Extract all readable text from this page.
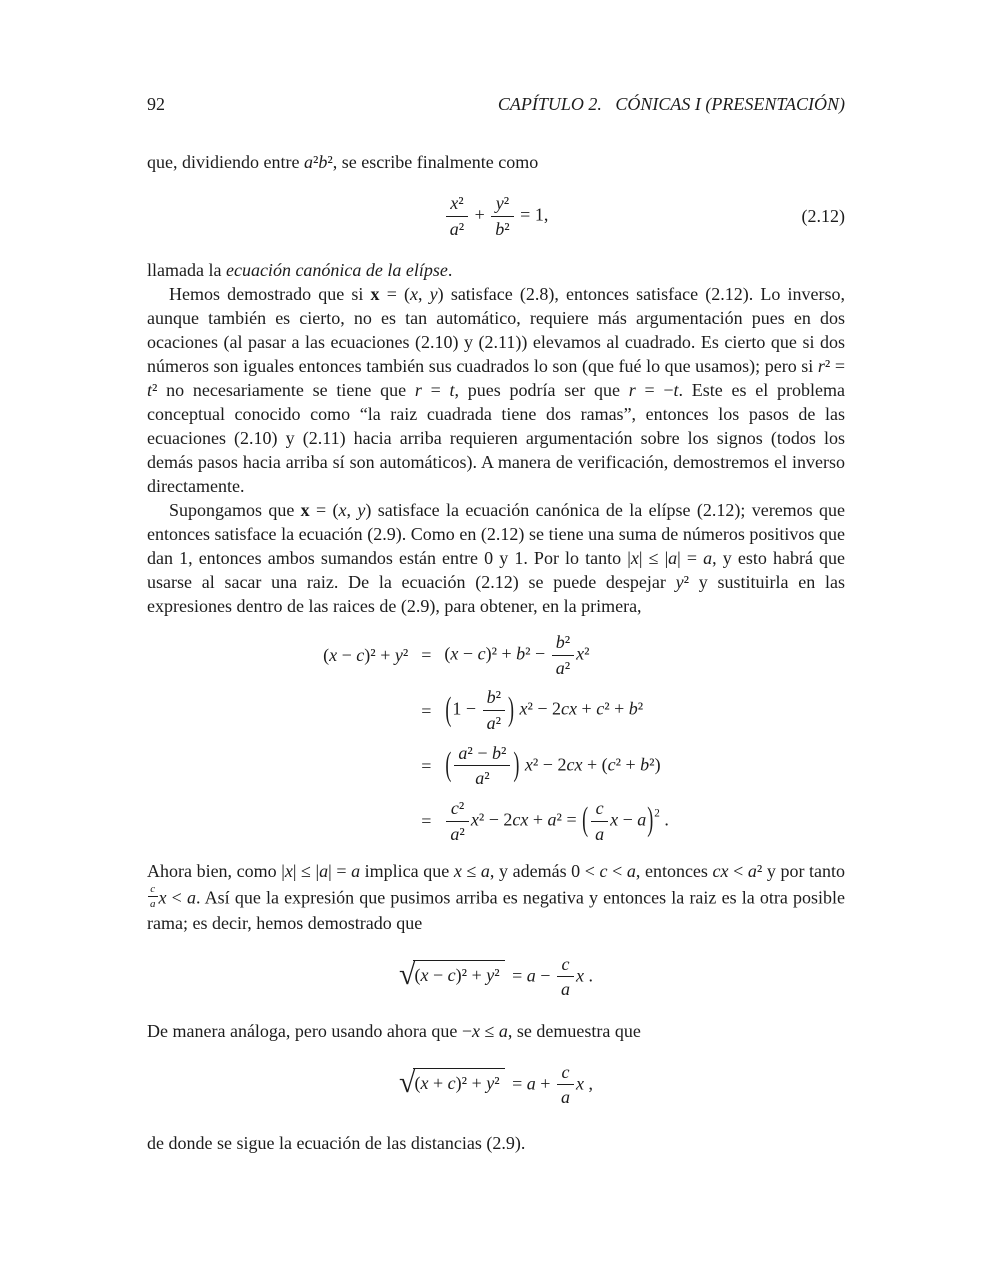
92	CAPÍTULO 2.  CÓNICAS I (PRESENTACIÓN)

que, dividiendo entre a²b², se escribe finalmente como

$\frac{\text{x²}}{\text{a²}} + \frac{\text{y²}}{\text{b²}} = 1$,	(2.12)

llamada la ecuación canónica de la elípse.

Hemos demostrado que si x = (x, y) satisface (2.8), entonces satisface (2.12). Lo inverso, aunque también es cierto, no es tan automático, requiere más argumentación pues en dos ocaciones (al pasar a las ecuaciones (2.10) y (2.11)) elevamos al cuadrado. Es cierto que si dos números son iguales entonces también sus cuadrados lo son (que fué lo que usamos); pero si r² = t² no necesariamente se tiene que r = t, pues podría ser que r = −t. Este es el problema conceptual conocido como “la raiz cuadrada tiene dos ramas”, entonces los pasos de las ecuaciones (2.10) y (2.11) hacia arriba requieren argumentación sobre los signos (todos los demás pasos hacia arriba sí son automáticos). A manera de verificación, demostremos el inverso directamente.

Supongamos que x = (x, y) satisface la ecuación canónica de la elípse (2.12); veremos que entonces satisface la ecuación (2.9). Como en (2.12) se tiene una suma de números positivos que dan 1, entonces ambos sumandos están entre 0 y 1. Por lo tanto |x| ≤ |a| = a, y esto habrá que usarse al sacar una raiz. De la ecuación (2.12) se puede despejar y² y sustituirla en las expresiones dentro de las raices de (2.9), para obtener, en la primera,

$(x - c)^2 + y^2 = (x - c)^2 + b^2 - \frac{\text{b²}}{\text{a²}} x^2$
= ($1 - \frac{\text{b²}}{\text{a²}}$ ) x² − 2cx + c² + b²
= ( $\frac{\text{a² − b²}}{\text{a²}}$ ) x² − 2cx + (c² + b²)
= $\frac{\text{c²}}{\text{a²}} x^2 - 2cx + a^2$ = ( $\frac{c}{a}$ x − a)$^2$ .

Ahora bien, como |x| ≤ |a| = a implica que x ≤ a, y además 0 < c < a, entonces cx < a² y por tanto
$\frac{c}{a}$ x < a. Así que la expresión que pusimos arriba es negativa y entonces la raiz es la otra posible rama; es decir, hemos demostrado que

$√(x - c)^2 + y^2 = a - \frac{c}{a}$ x .

De manera análoga, pero usando ahora que −x ≤ a, se demuestra que

$√(x + c)^2 + y^2 = a + \frac{c}{a}$ x ,

de donde se sigue la ecuación de las distancias (2.9).
